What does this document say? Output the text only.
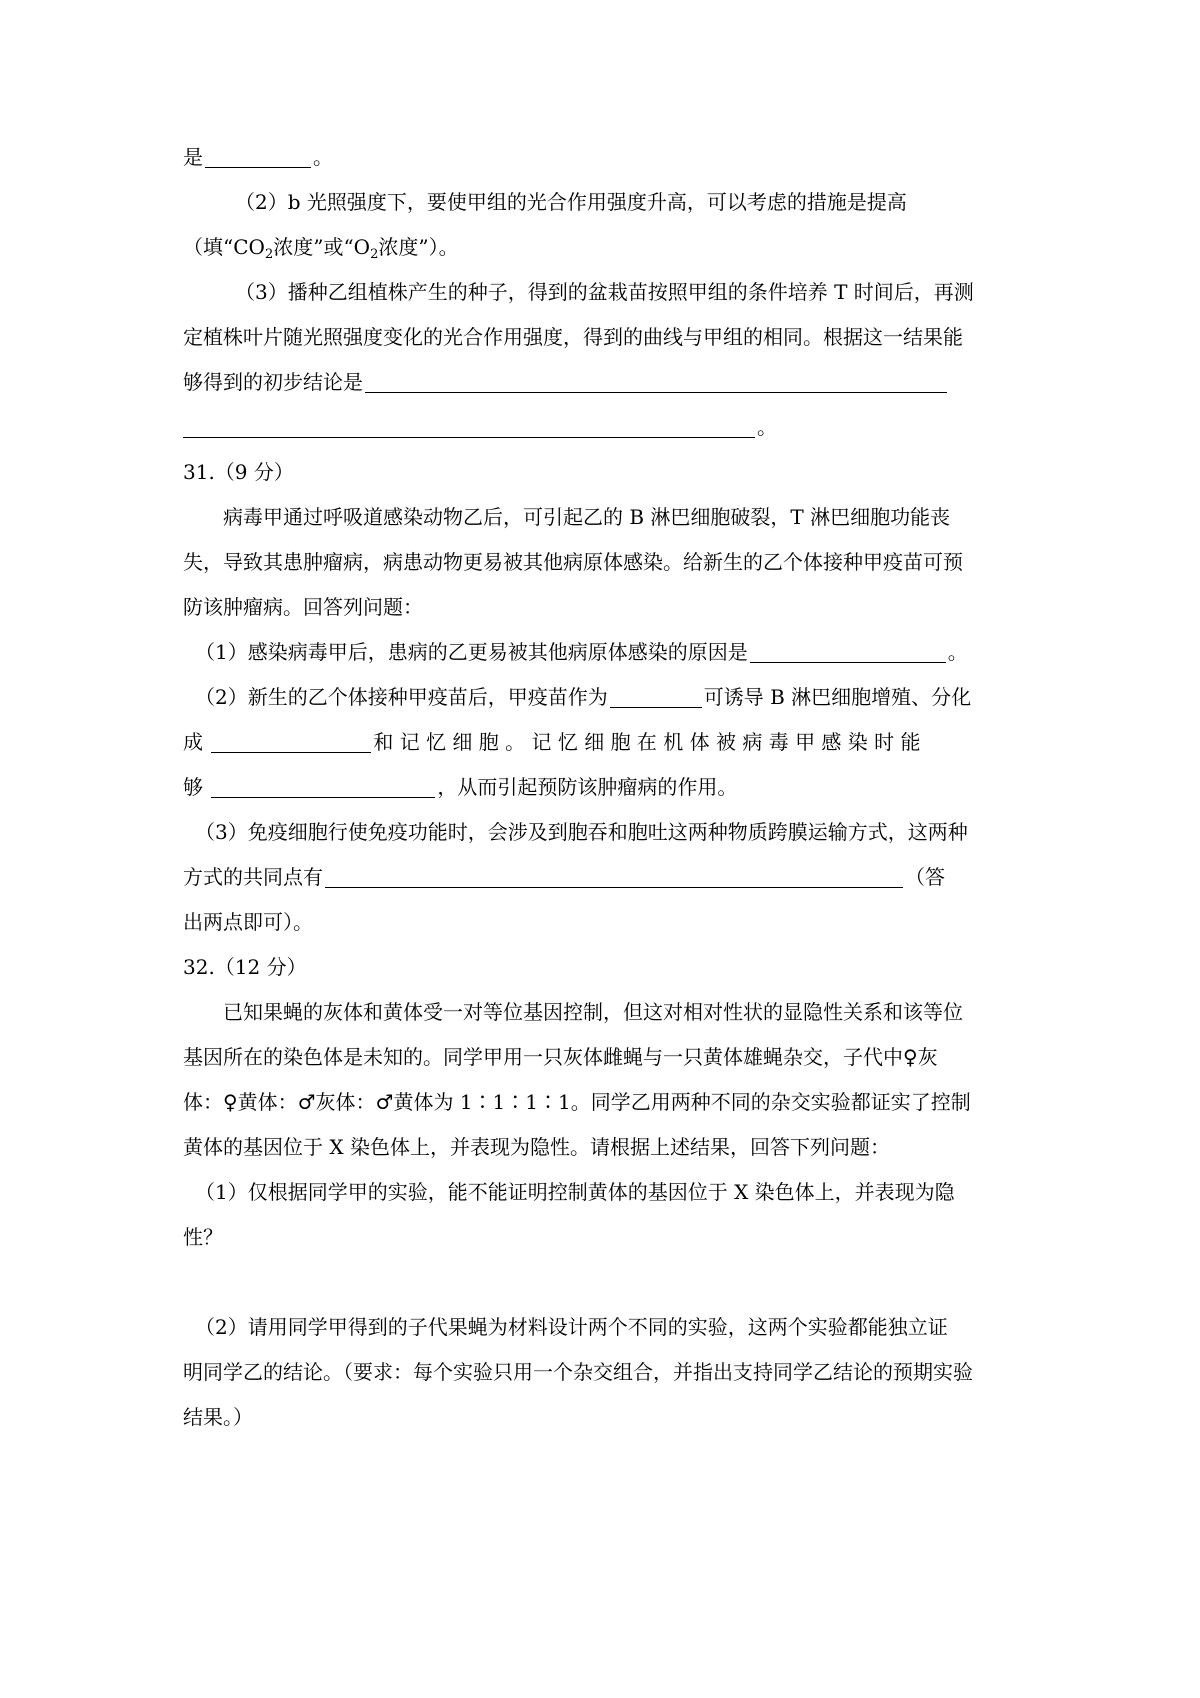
是	。
（2）b 光照强度下，要使甲组的光合作用强度升高，可以考虑的措施是提高
（填“$CO_2$浓度”或“$O_2$浓度”）。
（3）播种乙组植株产生的种子，得到的盆栽苗按照甲组的条件培养 T 时间后，再测
定植株叶片随光照强度变化的光合作用强度，得到的曲线与甲组的相同。根据这一结果能
够得到的初步结论是
。
31.（9 分）
病毒甲通过呼吸道感染动物乙后，可引起乙的 B 淋巴细胞破裂，T 淋巴细胞功能丧
失，导致其患肿瘤病，病患动物更易被其他病原体感染。给新生的乙个体接种甲疫苗可预
防该肿瘤病。回答列问题：
（1）感染病毒甲后，患病的乙更易被其他病原体感染的原因是	。
（2）新生的乙个体接种甲疫苗后，甲疫苗作为	可诱导 B 淋巴细胞增殖、分化
成	和 记 忆 细 胞 。 记 忆 细 胞 在 机 体 被 病 毒 甲 感 染 时 能
够	，从而引起预防该肿瘤病的作用。
（3）免疫细胞行使免疫功能时，会涉及到胞吞和胞吐这两种物质跨膜运输方式，这两种
方式的共同点有	（答
出两点即可）。
32.（12 分）
已知果蝇的灰体和黄体受一对等位基因控制，但这对相对性状的显隐性关系和该等位
基因所在的染色体是未知的。同学甲用一只灰体雌蝇与一只黄体雄蝇杂交，子代中♀灰
体：♀黄体：♂灰体：♂黄体为 1∶1∶1∶1。同学乙用两种不同的杂交实验都证实了控制
黄体的基因位于 X 染色体上，并表现为隐性。请根据上述结果，回答下列问题：
（1）仅根据同学甲的实验，能不能证明控制黄体的基因位于 X 染色体上，并表现为隐
性？
（2）请用同学甲得到的子代果蝇为材料设计两个不同的实验，这两个实验都能独立证
明同学乙的结论。（要求：每个实验只用一个杂交组合，并指出支持同学乙结论的预期实验
结果。）
